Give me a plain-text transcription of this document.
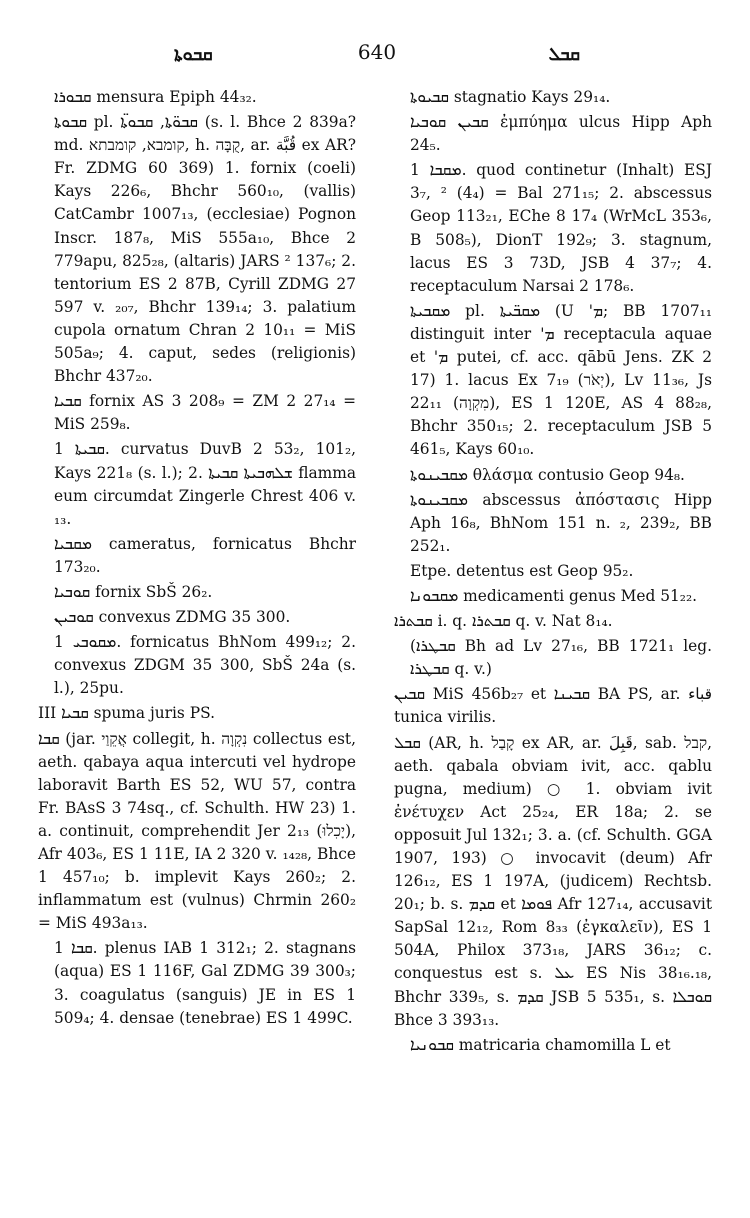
ܩܒܘܬܐ	640	ܩܒܠ

ܩܒܘܪܐ mensura Epiph 44₃₂.

ܩܒܘܬܐ pl. ܩܒܘ̈ܬܐ, ܩܒܘܬ̈ܐ (s. l. Bhce 2 839a? md. קומבא, קומבתא, h. קֻבָּה, ar. قُبَّة ex AR? Fr. ZDMG 60 369) 1. fornix (coeli) Kays 226₆, Bhchr 560₁₀, (vallis) CatCambr 1007₁₃, (ecclesiae) Pognon Inscr. 187₈, MiS 555a₁₀, Bhce 2 779apu, 825₂₈, (altaris) JARS ² 137₆; 2. tentorium ES 2 87B, Cyrill ZDMG 27 597 v. ₂₀₇, Bhchr 139₁₄; 3. palatium cupola ornatum Chran 2 10₁₁ = MiS 505a₉; 4. caput, sedes (religionis) Bhchr 437₂₀.

ܩܒܝܐ fornix AS 3 208₉ = ZM 2 27₁₄ = MiS 259₈.

ܩܒܝܬܐ 1. curvatus DuvB 2 53₂, 101₂, Kays 221₈ (s. l.); 2. ܫܠܗܒܝܬܐ ܩܒܝܬܐ flamma eum circumdat Zingerle Chrest 406 v. ₁₃.

ܡܩܒܝܐ cameratus, fornicatus Bhchr 173₂₀.

ܩܘܒܝܐ fornix SbŠ 26₂.

ܩܘܒܝܢ convexus ZDMG 35 300.

ܡܩܘܒܝ 1. fornicatus BhNom 499₁₂; 2. convexus ZDGM 35 300, SbŠ 24a (s. l.), 25pu.

III ܩܒܝܐ spuma juris PS.

ܩܒܐ (jar. אֲקֵוַי collegit, h. נִקְוָה collectus est, aeth. qabaya aqua intercuti vel hydrope laboravit Barth ES 52, WU 57, contra Fr. BAsS 3 74sq., cf. Schulth. HW 23) 1. a. continuit, comprehendit Jer 2₁₃ (יָכִלוּ), Afr 403₆, ES 1 11E, IA 2 320 v. ₁₄₂₈, Bhce 1 457₁₀; b. implevit Kays 260₂; 2. inflammatum est (vulnus) Chrmin 260₂ = MiS 493a₁₃.

ܩܒܐ 1. plenus IAB 1 312₁; 2. stagnans (aqua) ES 1 116F, Gal ZDMG 39 300₃; 3. coagulatus (sanguis) JE in ES 1 509₄; 4. densae (tenebrae) ES 1 499C.

ܩܒܝܘܬܐ stagnatio Kays 29₁₄.

ܩܒܝܢ ܩܘܒܝܐ ἐμπύημα ulcus Hipp Aph 24₅.

ܡܩܒܐ 1. quod continetur (Inhalt) ESJ 3₇, ² (4₄) = Bal 271₁₅; 2. abscessus Geop 113₂₁, EChe 8 17₄ (WrMcL 353₆, B 508₅), DionT 192₉; 3. stagnum, lacus ES 3 73D, JSB 4 37₇; 4. receptaculum Narsai 2 178₆.

ܡܩܒܝܬܐ pl. ܡܩܒ̈ܝܬܐ (U 'ܡ; BB 1707₁₁ distinguit inter 'ܡ receptacula aquae et 'ܡ putei, cf. acc. qābū Jens. ZK 2 17) 1. lacus Ex 7₁₉ (יְאֹר), Lv 11₃₆, Js 22₁₁ (מִקְוָה), ES 1 120E, AS 4 88₂₈, Bhchr 350₁₅; 2. receptaculum JSB 5 461₅, Kays 60₁₀.

ܡܩܒܝܢܘܬܐ θλάσμα contusio Geop 94₈.

ܡܩܒܝܢܘܬܐ abscessus ἀπόστασις Hipp Aph 16₈, BhNom 151 n. ₂, 239₂, BB 252₁.

Etpe. detentus est Geop 95₂.

ܡܩܒܘܢܐ medicamenti genus Med 51₂₂.

ܩܒܬܪܐ i. q. ܩܒܬܪܐ q. v. Nat 8₁₄.

(ܩܒܛܪܐ Bh ad Lv 27₁₆, BB 1721₁ leg. ܩܒܛܪܐ q. v.)

ܩܒܝܢ MiS 456b₂₇ et ܩܒܝܢܐ BA PS, ar. قباء tunica virilis.

ܩܒܠ (AR, h. קָבַל ex AR, ar. قَبِلَ, sab. קבל, aeth. qabala obviam ivit, acc. qablu pugna, medium) ○ 1. obviam ivit ἐνέτυχεν Act 25₂₄, ER 18a; 2. se opposuit Jul 132₁; 3. a. (cf. Schulth. GGA 1907, 193) ○ invocavit (deum) Afr 126₁₂, ES 1 197A, (judicem) Rechtsb. 20₁; b. s. ܩܕܡ et ܦܘܡܐ Afr 127₁₄, accusavit SapSal 12₁₂, Rom 8₃₃ (ἐγκαλεῖν), ES 1 504A, Philox 373₁₈, JARS 36₁₂; c. conquestus est s. ܥܠ ES Nis 38₁₆.₁₈, Bhchr 339₅, s. ܩܕܡ JSB 5 535₁, s. ܩܘܒܠܐ Bhce 3 393₁₃.

ܩܒܘܢܝܐ matricaria chamomilla L et
